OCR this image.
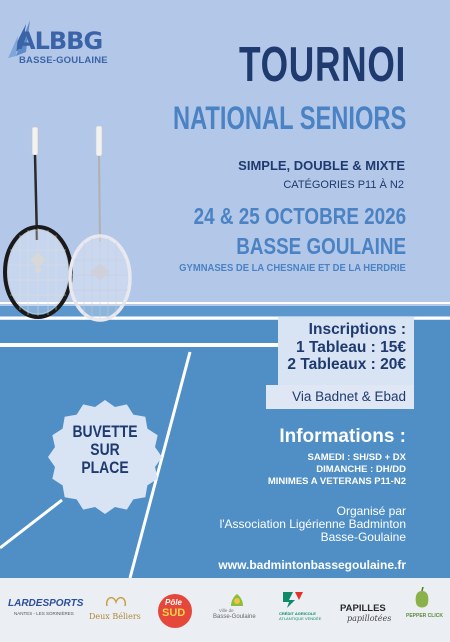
ALBBG
BASSE-GOULAINE	TOURNOI
NATIONAL SENIORS
SIMPLE, DOUBLE & MIXTE
CATÉGORIES P11 À N2
24 & 25 OCTOBRE 2026
BASSE GOULAINE
GYMNASES DE LA CHESNAIE ET DE LA HERDRIE
Inscriptions :
1 Tableau : 15€
2 Tableaux : 20€
Via Badnet & Ebad
BUVETTE
SUR
PLACE
Informations :
SAMEDI : SH/SD + DX
DIMANCHE : DH/DD
MINIMES A VETERANS P11-N2
Organisé par
l'Association Ligérienne Badminton
Basse-Goulaine
www.badmintonbassegoulaine.fr
LARDESPORTS
NANTES - LES SORINIÈRES Deux Béliers
Pôle
SUD	Ville de
Basse-Goulaine
CRÉDIT AGRICOLE
ATLANTIQUE VENDÉE
PAPILLES
papillotées	PEPPER CLICK
